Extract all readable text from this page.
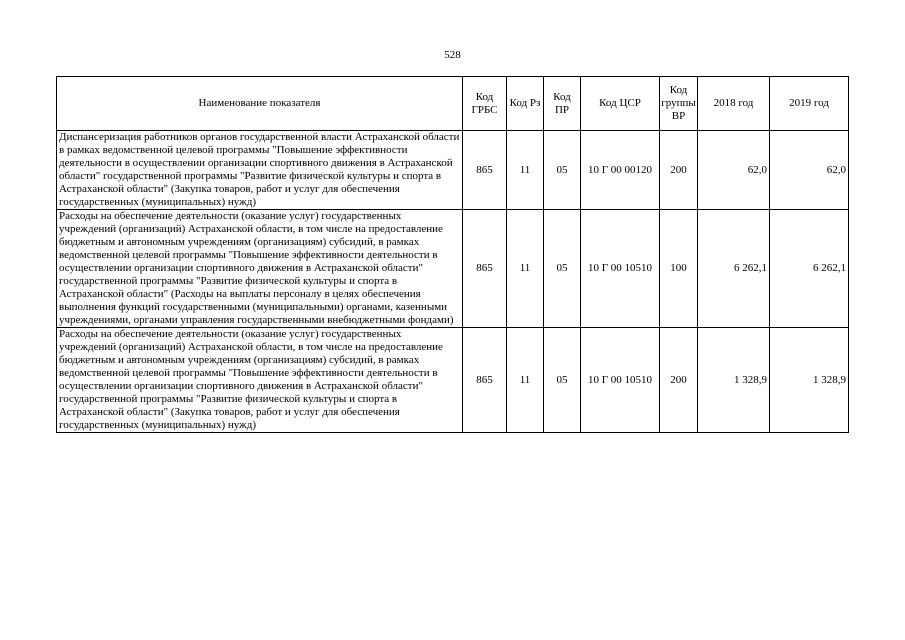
528
Наименование показателя	Код ГРБС	Код Рз	Код ПР	Код ЦСР	Код группы ВР	2018 год	2019 год
Диспансеризация работников органов государственной власти Астраханской области в рамках ведомственной целевой программы "Повышение эффективности деятельности в осуществлении организации спортивного движения в Астраханской области" государственной программы "Развитие физической культуры и спорта в Астраханской области" (Закупка товаров, работ и услуг для обеспечения государственных (муниципальных) нужд)	865	11	05	10 Г 00 00120	200	62,0	62,0
Расходы на обеспечение деятельности (оказание услуг) государственных учреждений (организаций) Астраханской области, в том числе на предоставление бюджетным и автономным учреждениям (организациям) субсидий, в рамках ведомственной целевой программы "Повышение эффективности деятельности в осуществлении организации спортивного движения в Астраханской области" государственной программы "Развитие физической культуры и спорта в Астраханской области" (Расходы на выплаты персоналу в целях обеспечения выполнения функций государственными (муниципальными) органами, казенными учреждениями, органами управления государственными внебюджетными фондами)	865	11	05	10 Г 00 10510	100	6 262,1	6 262,1
Расходы на обеспечение деятельности (оказание услуг) государственных учреждений (организаций) Астраханской области, в том числе на предоставление бюджетным и автономным учреждениям (организациям) субсидий, в рамках ведомственной целевой программы "Повышение эффективности деятельности в осуществлении организации спортивного движения в Астраханской области" государственной программы "Развитие физической культуры и спорта в Астраханской области" (Закупка товаров, работ и услуг для обеспечения государственных (муниципальных) нужд)	865	11	05	10 Г 00 10510	200	1 328,9	1 328,9
